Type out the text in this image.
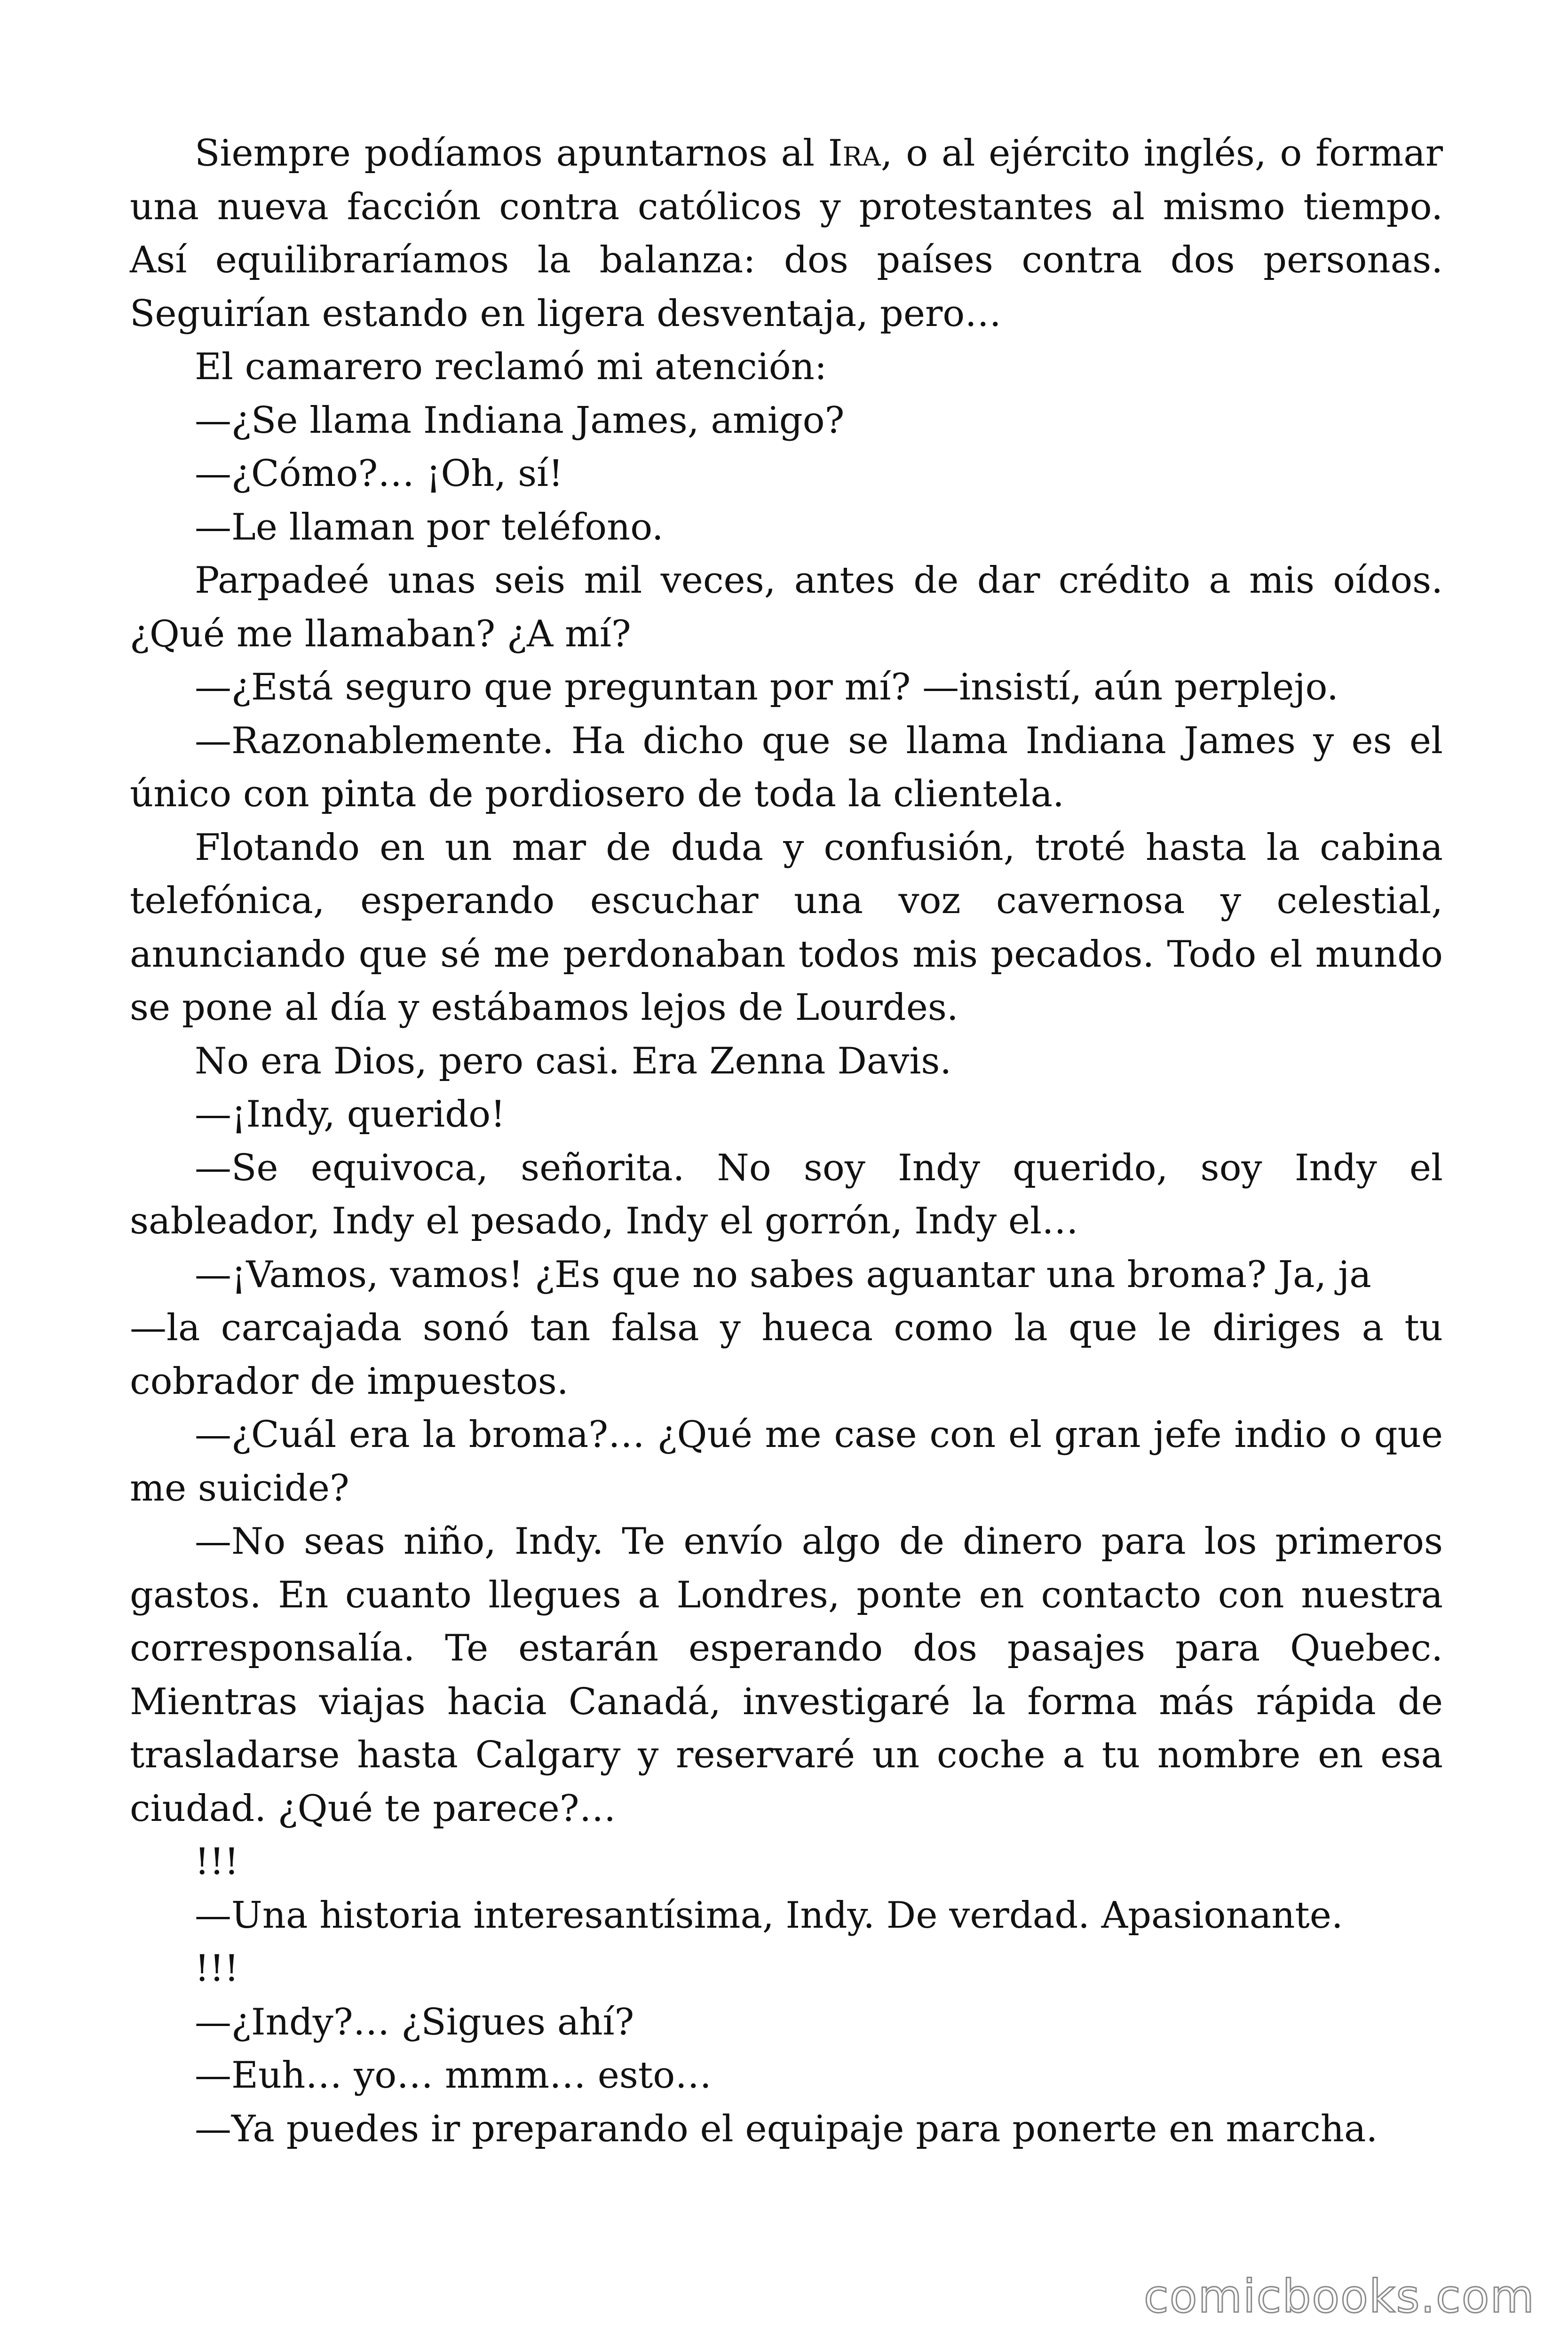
Siempre podíamos apuntarnos al Ira, o al ejército inglés, o formar una nueva facción contra católicos y protestantes al mismo tiempo. Así equilibraríamos la balanza: dos países contra dos personas. Seguirían estando en ligera desventaja, pero…

El camarero reclamó mi atención:

—¿Se llama Indiana James, amigo?

—¿Cómo?… ¡Oh, sí!

—Le llaman por teléfono.

Parpadeé unas seis mil veces, antes de dar crédito a mis oídos. ¿Qué me llamaban? ¿A mí?

—¿Está seguro que preguntan por mí? —insistí, aún perplejo.

—Razonablemente. Ha dicho que se llama Indiana James y es el único con pinta de pordiosero de toda la clientela.

Flotando en un mar de duda y confusión, troté hasta la cabina telefónica, esperando escuchar una voz cavernosa y celestial, anunciando que sé me perdonaban todos mis pecados. Todo el mundo se pone al día y estábamos lejos de Lourdes.

No era Dios, pero casi. Era Zenna Davis.

—¡Indy, querido!

—Se equivoca, señorita. No soy Indy querido, soy Indy el sableador, Indy el pesado, Indy el gorrón, Indy el…

—¡Vamos, vamos! ¿Es que no sabes aguantar una broma? Ja, ja
—la carcajada sonó tan falsa y hueca como la que le diriges a tu cobrador de impuestos.

—¿Cuál era la broma?… ¿Qué me case con el gran jefe indio o que me suicide?

—No seas niño, Indy. Te envío algo de dinero para los primeros gastos. En cuanto llegues a Londres, ponte en contacto con nuestra corresponsalía. Te estarán esperando dos pasajes para Quebec. Mientras viajas hacia Canadá, investigaré la forma más rápida de trasladarse hasta Calgary y reservaré un coche a tu nombre en esa ciudad. ¿Qué te parece?…

!!!

—Una historia interesantísima, Indy. De verdad. Apasionante.

!!!

—¿Indy?… ¿Sigues ahí?

—Euh… yo… mmm… esto…

—Ya puedes ir preparando el equipaje para ponerte en marcha.

comicbooks.com
